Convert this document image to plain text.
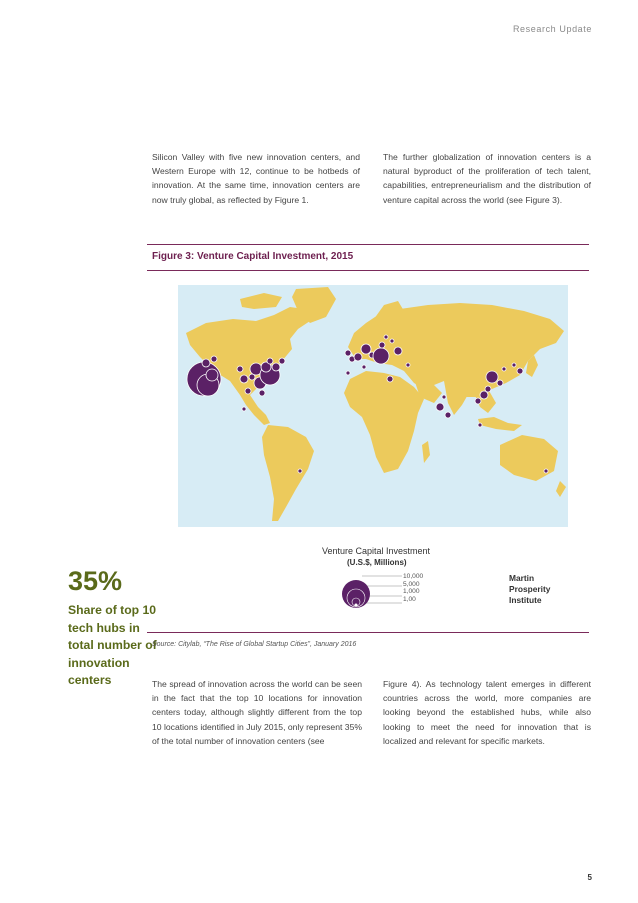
Research Update
Silicon Valley with five new innovation centers, and Western Europe with 12, continue to be hotbeds of innovation. At the same time, innovation centers are now truly global, as reflected by Figure 1.
The further globalization of innovation centers is a natural byproduct of the proliferation of tech talent, capabilities, entrepreneurialism and the distribution of venture capital across the world (see Figure 3).
Figure 3: Venture Capital Investment, 2015
Venture Capital Investment
(U.S.$, Millions)
10,000
5,000
1,000
1,00
Martin
Prosperity
Institute
35%
Share of top 10 tech hubs in total number of innovation centers
Source: Citylab, “The Rise of Global Startup Cities”, January 2016
The spread of innovation across the world can be seen in the fact that the top 10 locations for innovation centers today, although slightly different from the top 10 locations identified in July 2015, only represent 35% of the total number of innovation centers (see
Figure 4). As technology talent emerges in different countries across the world, more companies are looking beyond the established hubs, while also looking to meet the need for innovation that is localized and relevant for specific markets.
5
